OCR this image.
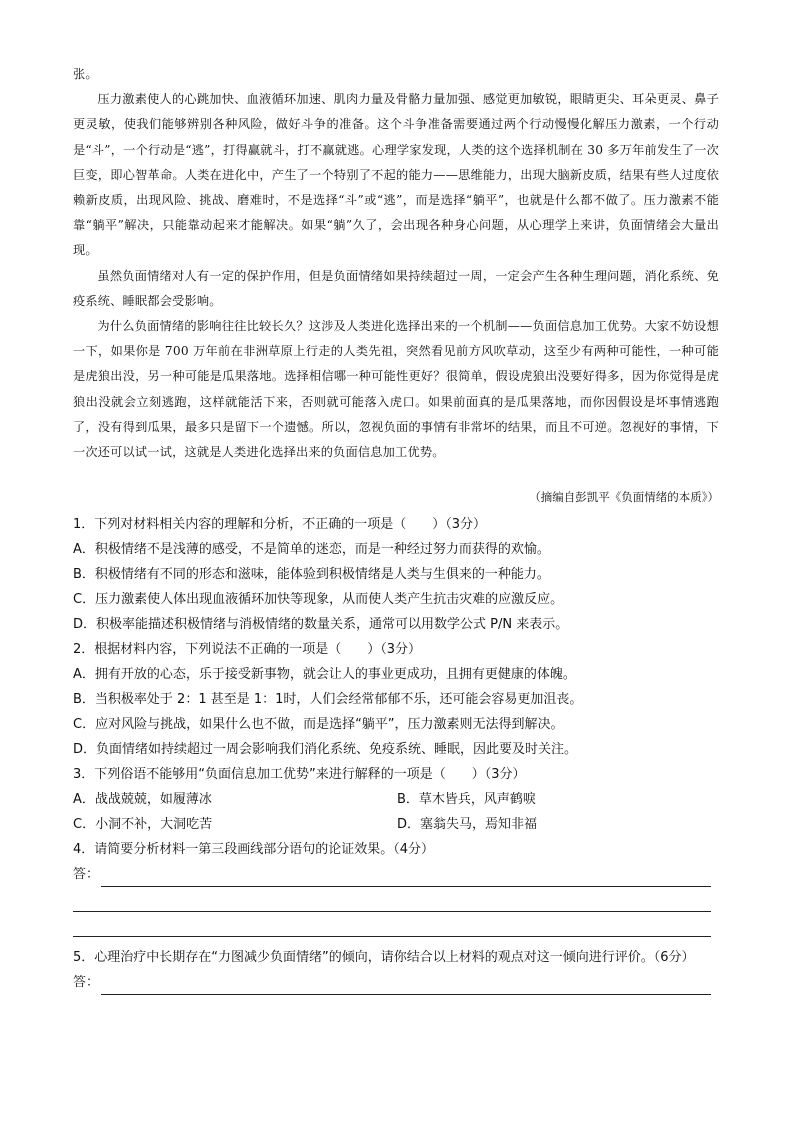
张。

压力激素使人的心跳加快、血液循环加速、肌肉力量及骨骼力量加强、感觉更加敏锐，眼睛更尖、耳朵更灵、鼻子更灵敏，使我们能够辨别各种风险，做好斗争的准备。这个斗争准备需要通过两个行动慢慢化解压力激素，一个行动是“斗”，一个行动是“逃”，打得赢就斗，打不赢就逃。心理学家发现，人类的这个选择机制在 30 多万年前发生了一次巨变，即心智革命。人类在进化中，产生了一个特别了不起的能力——思维能力，出现大脑新皮质，结果有些人过度依赖新皮质，出现风险、挑战、磨难时，不是选择“斗”或“逃”，而是选择“躺平”，也就是什么都不做了。压力激素不能靠“躺平”解决，只能靠动起来才能解决。如果“躺”久了，会出现各种身心问题，从心理学上来讲，负面情绪会大量出现。

虽然负面情绪对人有一定的保护作用，但是负面情绪如果持续超过一周，一定会产生各种生理问题，消化系统、免疫系统、睡眠都会受影响。

为什么负面情绪的影响往往比较长久？这涉及人类进化选择出来的一个机制——负面信息加工优势。大家不妨设想一下，如果你是 700 万年前在非洲草原上行走的人类先祖，突然看见前方风吹草动，这至少有两种可能性，一种可能是虎狼出没，另一种可能是瓜果落地。选择相信哪一种可能性更好？很简单，假设虎狼出没要好得多，因为你觉得是虎狼出没就会立刻逃跑，这样就能活下来，否则就可能落入虎口。如果前面真的是瓜果落地，而你因假设是坏事情逃跑了，没有得到瓜果，最多只是留下一个遗憾。所以，忽视负面的事情有非常坏的结果，而且不可逆。忽视好的事情，下一次还可以试一试，这就是人类进化选择出来的负面信息加工优势。

（摘编自彭凯平《负面情绪的本质》）
1．下列对材料相关内容的理解和分析，不正确的一项是（　　）（3分）
A．积极情绪不是浅薄的感受，不是简单的迷恋，而是一种经过努力而获得的欢愉。
B．积极情绪有不同的形态和滋味，能体验到积极情绪是人类与生俱来的一种能力。
C．压力激素使人体出现血液循环加快等现象，从而使人类产生抗击灾难的应激反应。
D．积极率能描述积极情绪与消极情绪的数量关系，通常可以用数学公式 P/N 来表示。
2．根据材料内容，下列说法不正确的一项是（　　）（3分）
A．拥有开放的心态，乐于接受新事物，就会让人的事业更成功，且拥有更健康的体魄。
B．当积极率处于 2：1 甚至是 1：1时，人们会经常郁郁不乐，还可能会容易更加沮丧。
C．应对风险与挑战，如果什么也不做，而是选择“躺平”，压力激素则无法得到解决。
D．负面情绪如持续超过一周会影响我们消化系统、免疫系统、睡眠，因此要及时关注。
3．下列俗语不能够用“负面信息加工优势”来进行解释的一项是（　　）（3分）
A．战战兢兢，如履薄冰	B．草木皆兵，风声鹤唳
C．小洞不补，大洞吃苦	D．塞翁失马，焉知非福
4．请简要分析材料一第三段画线部分语句的论证效果。（4分）
答：
5．心理治疗中长期存在“力图减少负面情绪”的倾向，请你结合以上材料的观点对这一倾向进行评价。（6分）
答：
